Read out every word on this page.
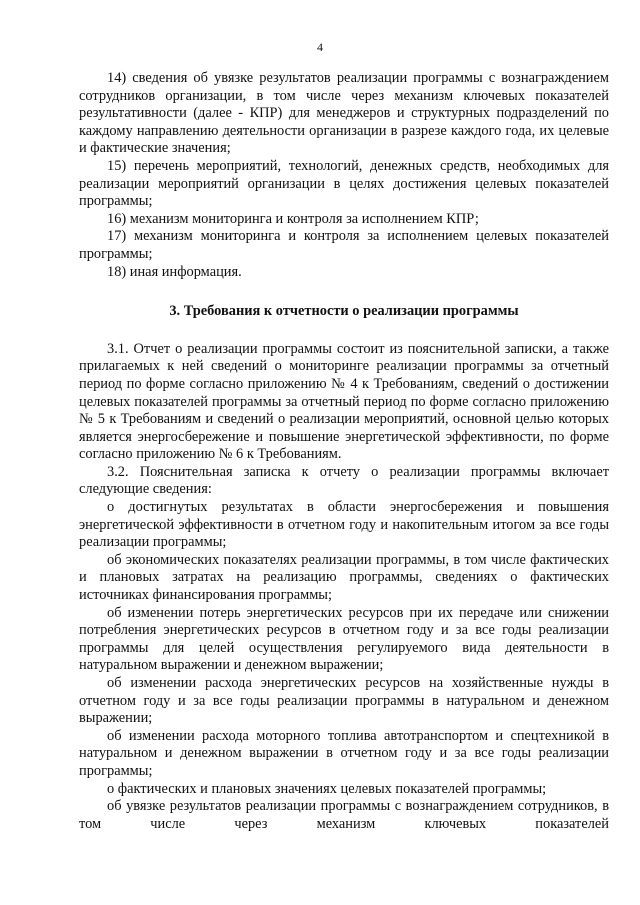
4

14) сведения об увязке результатов реализации программы с вознаграждением сотрудников организации, в том числе через механизм ключевых показателей результативности (далее - КПР) для менеджеров и структурных подразделений по каждому направлению деятельности организации в разрезе каждого года, их целевые и фактические значения;

15) перечень мероприятий, технологий, денежных средств, необходимых для реализации мероприятий организации в целях достижения целевых показателей программы;

16) механизм мониторинга и контроля за исполнением КПР;

17) механизм мониторинга и контроля за исполнением целевых показателей программы;

18) иная информация.

3. Требования к отчетности о реализации программы

3.1. Отчет о реализации программы состоит из пояснительной записки, а также прилагаемых к ней сведений о мониторинге реализации программы за отчетный период по форме согласно приложению № 4 к Требованиям, сведений о достижении целевых показателей программы за отчетный период по форме согласно приложению № 5 к Требованиям и сведений о реализации мероприятий, основной целью которых является энергосбережение и повышение энергетической эффективности, по форме согласно приложению № 6 к Требованиям.

3.2. Пояснительная записка к отчету о реализации программы включает следующие сведения:

о достигнутых результатах в области энергосбережения и повышения энергетической эффективности в отчетном году и накопительным итогом за все годы реализации программы;

об экономических показателях реализации программы, в том числе фактических и плановых затратах на реализацию программы, сведениях о фактических источниках финансирования программы;

об изменении потерь энергетических ресурсов при их передаче или снижении потребления энергетических ресурсов в отчетном году и за все годы реализации программы для целей осуществления регулируемого вида деятельности в натуральном выражении и денежном выражении;

об изменении расхода энергетических ресурсов на хозяйственные нужды в отчетном году и за все годы реализации программы в натуральном и денежном выражении;

об изменении расхода моторного топлива автотранспортом и спецтехникой в натуральном и денежном выражении в отчетном году и за все годы реализации программы;

о фактических и плановых значениях целевых показателей программы;

об увязке результатов реализации программы с вознаграждением сотрудников, в том числе через механизм ключевых показателей
